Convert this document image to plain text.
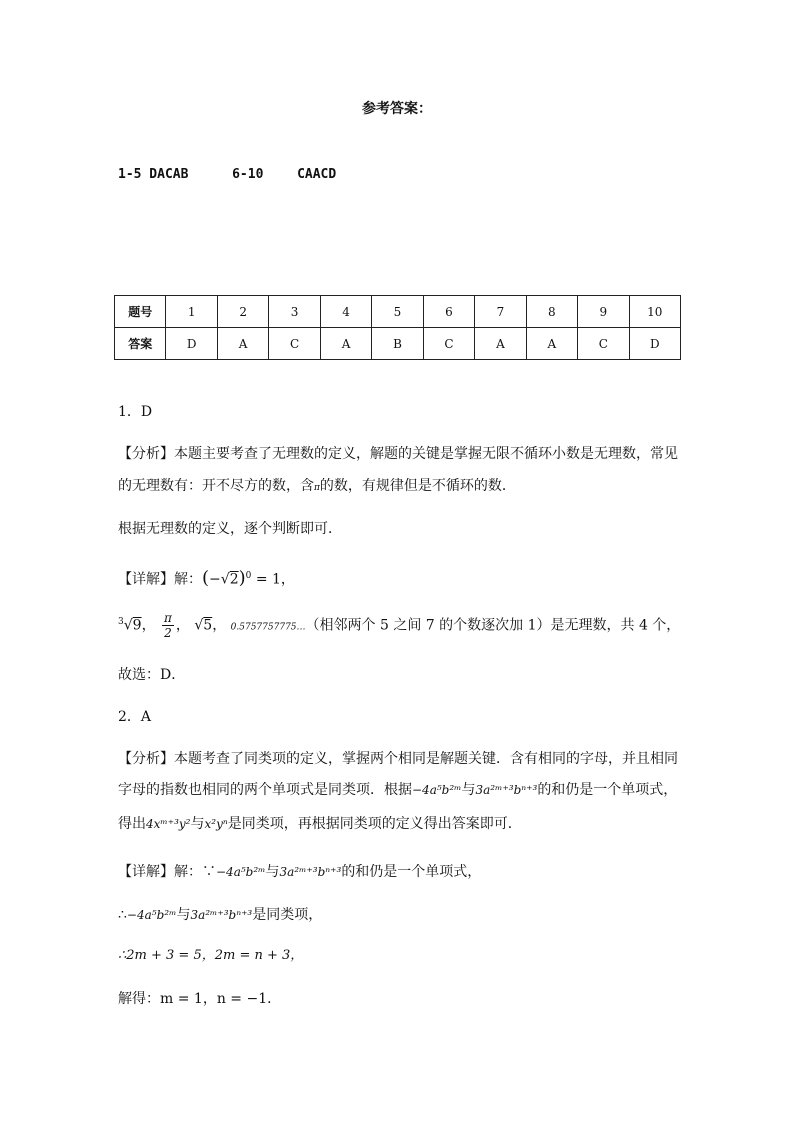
参考答案：
1-5 DACAB	6-10	CAACD
题号	1	2	3	4	5	6	7	8	9	10
答案	D	A	C	A	B	C	A	A	C	D
1．D
【分析】本题主要考查了无理数的定义，解题的关键是掌握无限不循环小数是无理数，常见
的无理数有：开不尽方的数，含π的数，有规律但是不循环的数．
根据无理数的定义，逐个判断即可．
【详解】解：$(-√2)^0 = 1$，
$^3$√9， $\frac{\pi}{2}$ ， √5， 0.5757757775…（相邻两个 5 之间 7 的个数逐次加 1）是无理数，共 4 个，
故选：D．
2．A
【分析】本题考查了同类项的定义，掌握两个相同是解题关键．含有相同的字母，并且相同
字母的指数也相同的两个单项式是同类项．根据−4a⁵b²ᵐ与3a²ᵐ⁺³bⁿ⁺³的和仍是一个单项式，
得出4xᵐ⁺³y²与x²yⁿ是同类项，再根据同类项的定义得出答案即可．
【详解】解：∵−4a⁵b²ᵐ与3a²ᵐ⁺³bⁿ⁺³的和仍是一个单项式，
∴−4a⁵b²ᵐ与3a²ᵐ⁺³bⁿ⁺³是同类项，
∴2m + 3 = 5，2m = n + 3，
解得：m = 1，n = −1．
